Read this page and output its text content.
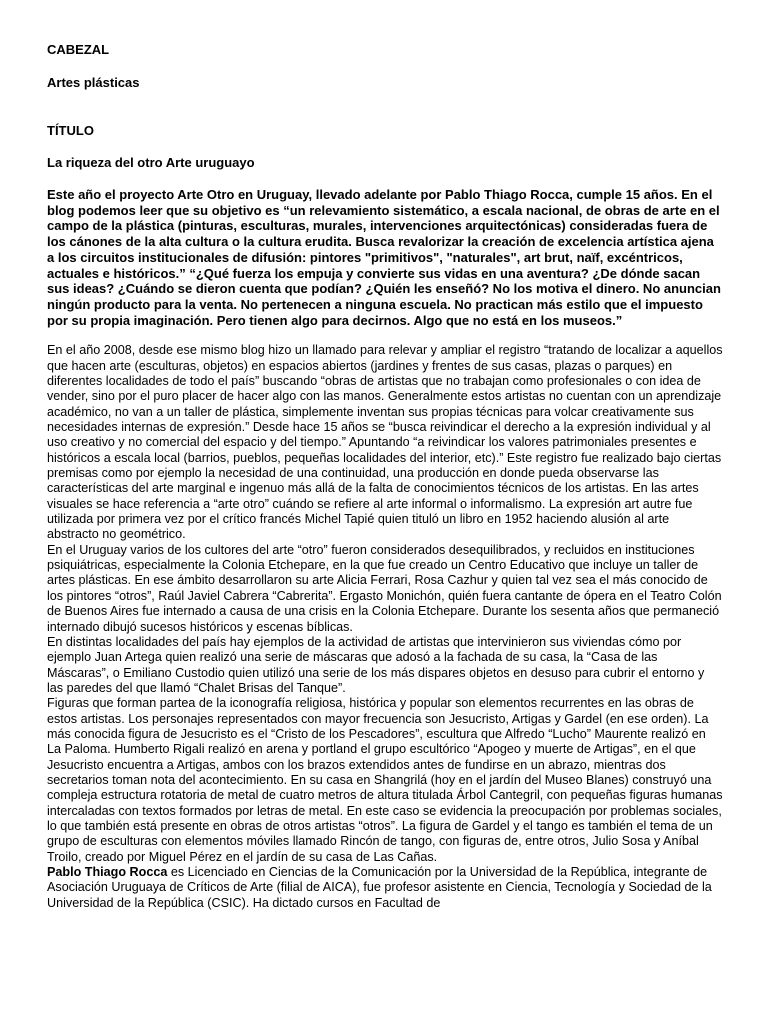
CABEZAL

Artes plásticas

TÍTULO

La riqueza del otro Arte uruguayo

Este año el proyecto Arte Otro en Uruguay, llevado adelante por Pablo Thiago Rocca, cumple 15 años. En el blog podemos leer que su objetivo es “un relevamiento sistemático, a escala nacional, de obras de arte en el campo de la plástica (pinturas, esculturas, murales, intervenciones arquitectónicas) consideradas fuera de los cánones de la alta cultura o la cultura erudita. Busca revalorizar la creación de excelencia artística ajena a los circuitos institucionales de difusión: pintores "primitivos", "naturales", art brut, naïf, excéntricos, actuales e históricos.” “¿Qué fuerza los empuja y convierte sus vidas en una aventura? ¿De dónde sacan sus ideas? ¿Cuándo se dieron cuenta que podían? ¿Quién les enseñó? No los motiva el dinero. No anuncian ningún producto para la venta. No pertenecen a ninguna escuela. No practican más estilo que el impuesto por su propia imaginación. Pero tienen algo para decirnos. Algo que no está en los museos.”

En el año 2008, desde ese mismo blog hizo un llamado para relevar y ampliar el registro “tratando de localizar a aquellos que hacen arte (esculturas, objetos) en espacios abiertos (jardines y frentes de sus casas, plazas o parques) en diferentes localidades de todo el país” buscando “obras de artistas que no trabajan como profesionales o con idea de vender, sino por el puro placer de hacer algo con las manos. Generalmente estos artistas no cuentan con un aprendizaje académico, no van a un taller de plástica, simplemente inventan sus propias técnicas para volcar creativamente sus necesidades internas de expresión.” Desde hace 15 años se “busca reivindicar el derecho a la expresión individual y al uso creativo y no comercial del espacio y del tiempo.” Apuntando “a reivindicar los valores patrimoniales presentes e históricos a escala local (barrios, pueblos, pequeñas localidades del interior, etc).” Este registro fue realizado bajo ciertas premisas como por ejemplo la necesidad de una continuidad, una producción en donde pueda observarse las características del arte marginal e ingenuo más allá de la falta de conocimientos técnicos de los artistas. En las artes visuales se hace referencia a “arte otro” cuándo se refiere al arte informal o informalismo. La expresión art autre fue utilizada por primera vez por el crítico francés Michel Tapié quien tituló un libro en 1952 haciendo alusión al arte abstracto no geométrico.

En el Uruguay varios de los cultores del arte “otro” fueron considerados desequilibrados, y recluidos en instituciones psiquiátricas, especialmente la Colonia Etchepare, en la que fue creado un Centro Educativo que incluye un taller de artes plásticas. En ese ámbito desarrollaron su arte Alicia Ferrari, Rosa Cazhur y quien tal vez sea el más conocido de los pintores “otros”, Raúl Javiel Cabrera “Cabrerita”. Ergasto Monichón, quién fuera cantante de ópera en el Teatro Colón de Buenos Aires fue internado a causa de una crisis en la Colonia Etchepare. Durante los sesenta años que permaneció internado dibujó sucesos históricos y escenas bíblicas.

En distintas localidades del país hay ejemplos de la actividad de artistas que intervinieron sus viviendas cómo por ejemplo Juan Artega quien realizó una serie de máscaras que adosó a la fachada de su casa, la “Casa de las Máscaras”, o Emiliano Custodio quien utilizó una serie de los más dispares objetos en desuso para cubrir el entorno y las paredes del que llamó “Chalet Brisas del Tanque”.

Figuras que forman partea de la iconografía religiosa, histórica y popular son elementos recurrentes en las obras de estos artistas. Los personajes representados con mayor frecuencia son Jesucristo, Artigas y Gardel (en ese orden). La más conocida figura de Jesucristo es el “Cristo de los Pescadores”, escultura que Alfredo “Lucho” Maurente realizó en La Paloma. Humberto Rigali realizó en arena y portland el grupo escultórico “Apogeo y muerte de Artigas”, en el que Jesucristo encuentra a Artigas, ambos con los brazos extendidos antes de fundirse en un abrazo, mientras dos secretarios toman nota del acontecimiento. En su casa en Shangrilá (hoy en el jardín del Museo Blanes) construyó una compleja estructura rotatoria de metal de cuatro metros de altura titulada Árbol Cantegril, con pequeñas figuras humanas intercaladas con textos formados por letras de metal. En este caso se evidencia la preocupación por problemas sociales, lo que también está presente en obras de otros artistas “otros”. La figura de Gardel y el tango es también el tema de un grupo de esculturas con elementos móviles llamado Rincón de tango, con figuras de, entre otros, Julio Sosa y Aníbal Troilo, creado por Miguel Pérez en el jardín de su casa de Las Cañas.

Pablo Thiago Rocca es Licenciado en Ciencias de la Comunicación por la Universidad de la República, integrante de Asociación Uruguaya de Críticos de Arte (filial de AICA), fue profesor asistente en Ciencia, Tecnología y Sociedad de la Universidad de la República (CSIC). Ha dictado cursos en Facultad de
